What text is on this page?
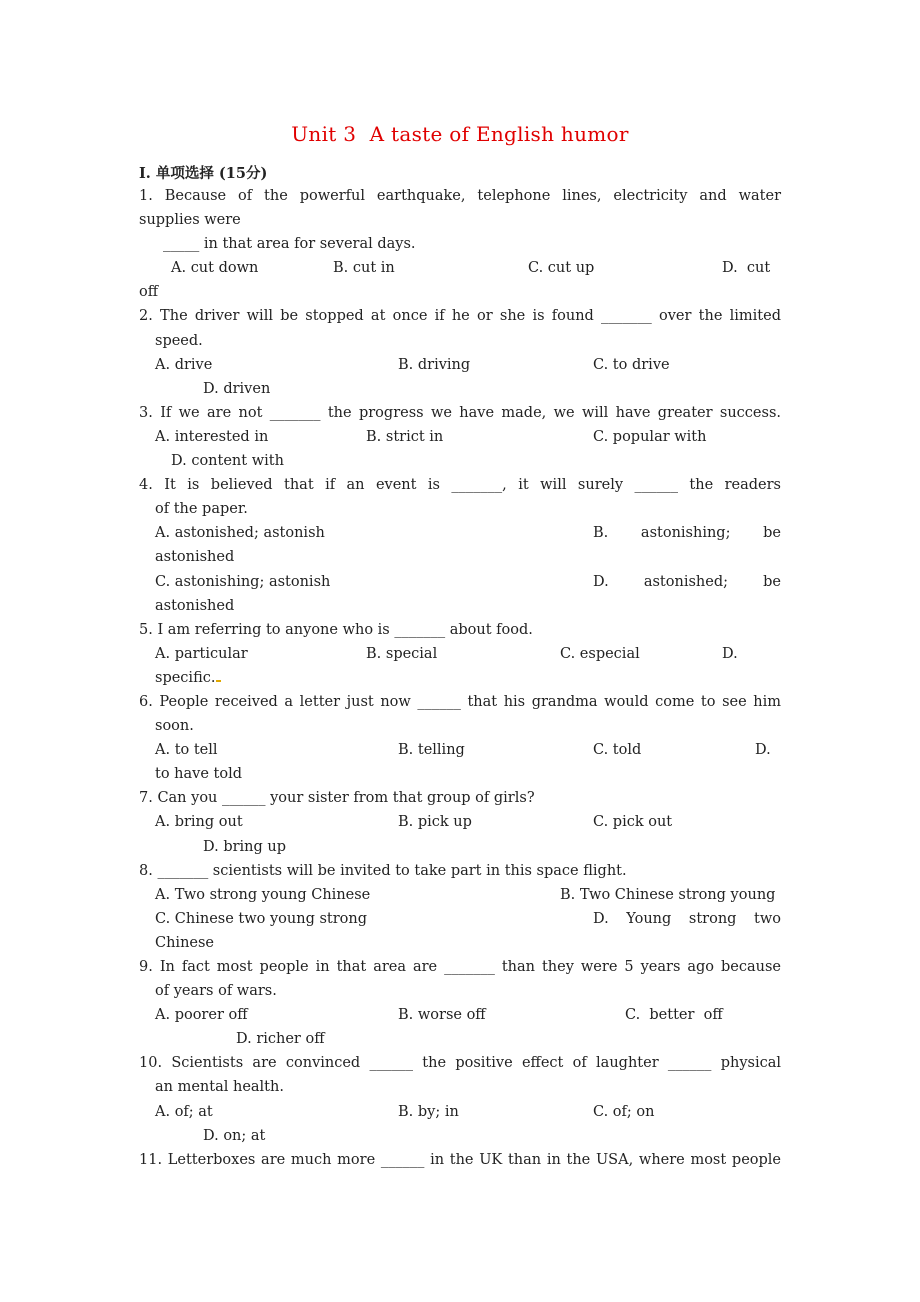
Unit 3  A taste of English humor
I. 单项选择 (15分)
1. Because of the powerful earthquake, telephone lines, electricity and water
supplies were
_____ in that area for several days.

A. cut down

	B. cut in

	C. cut up

	D.  cut

off
2. The driver will be stopped at once if he or she is found _______ over the limited
speed.

A. drive

	B. driving

	C. to drive

D. driven
3. If we are not _______ the progress we have made, we will have greater success.

A. interested in

	B. strict in

	C. popular with

D. content with
4. It is believed that if an event is _______, it will surely ______ the readers
of the paper.

A. astonished; astonish

	B. astonishing; be

astonished

C. astonishing; astonish

	D. astonished; be

astonished
5. I am referring to anyone who is _______ about food.

A. particular

	B. special

	C. especial

	D.

specific.
6. People received a letter just now ______ that his grandma would come to see him
soon.

A. to tell

	B. telling

	C. told

	D.

to have told
7. Can you ______ your sister from that group of girls?

A. bring out

	B. pick up

	C. pick out

D. bring up
8. _______ scientists will be invited to take part in this space flight.

A. Two strong young Chinese

	B. Two Chinese strong young

C. Chinese two young strong

	D. Young strong two

Chinese
9. In fact most people in that area are _______ than they were 5 years ago because
of years of wars.

A. poorer off

	B. worse off

	C.  better  off

D. richer off
10. Scientists are convinced ______ the positive effect of laughter ______ physical
an mental health.

A. of; at

	B. by; in

	C. of; on

D. on; at
11. Letterboxes are much more ______ in the UK than in the USA, where most people
